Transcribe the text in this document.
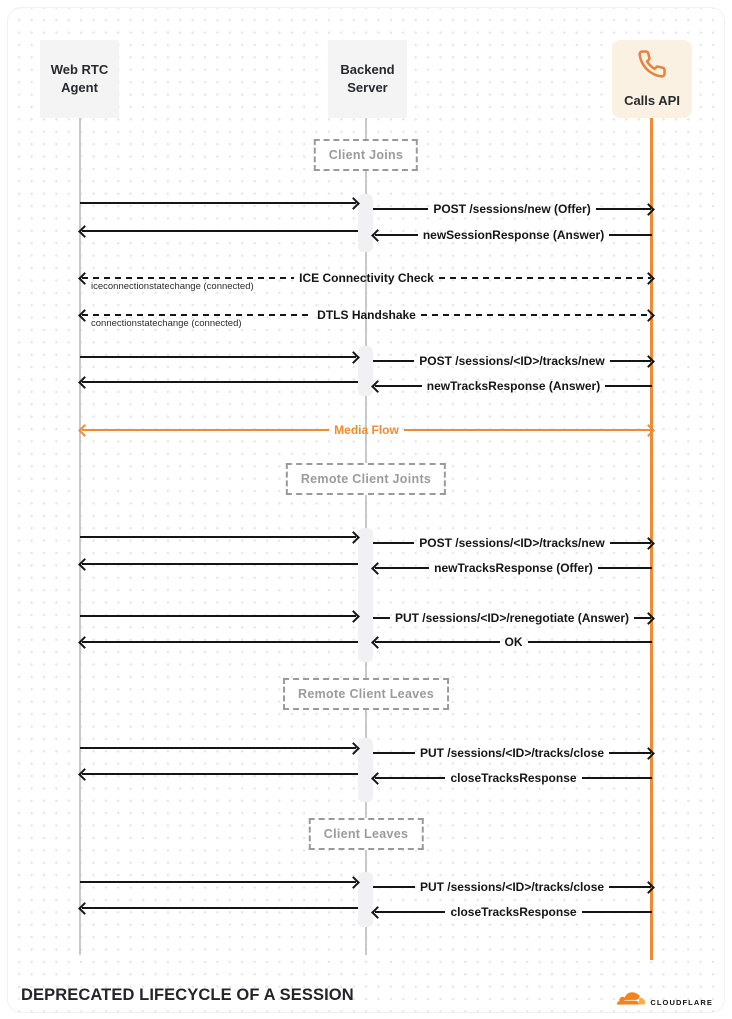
Web RTC Agent
Backend Server
Calls API
Client Joins
Remote Client Joints
Remote Client Leaves
Client Leaves
POST /sessions/new (Offer)
newSessionResponse (Answer)
ICE Connectivity Check
iceconnectionstatechange (connected)
DTLS Handshake
connectionstatechange (connected)
POST /sessions/<ID>/tracks/new
newTracksResponse (Answer)
Media Flow
POST /sessions/<ID>/tracks/new
newTracksResponse (Offer)
PUT /sessions/<ID>/renegotiate (Answer)
OK
PUT /sessions/<ID>/tracks/close
closeTracksResponse
PUT /sessions/<ID>/tracks/close
closeTracksResponse
DEPRECATED LIFECYCLE OF A SESSION	CLOUDFLARE
